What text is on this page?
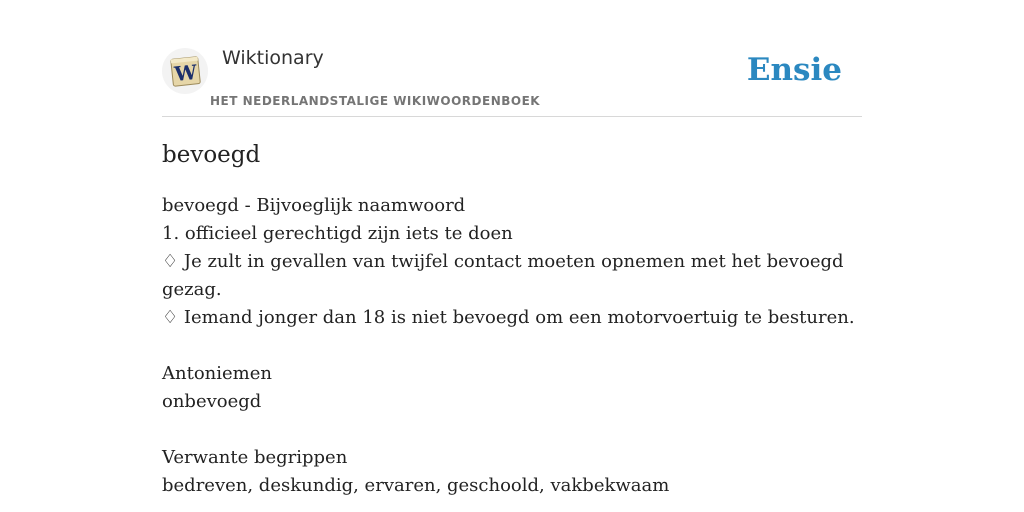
W
Wiktionary
HET NEDERLANDSTALIGE WIKIWOORDENBOEK
Ensie
bevoegd
bevoegd - Bijvoeglijk naamwoord
1. officieel gerechtigd zijn iets te doen
♢ Je zult in gevallen van twijfel contact moeten opnemen met het bevoegd gezag.
♢ Iemand jonger dan 18 is niet bevoegd om een motorvoertuig te besturen.
Antoniemen
onbevoegd
Verwante begrippen
bedreven, deskundig, ervaren, geschoold, vakbekwaam
